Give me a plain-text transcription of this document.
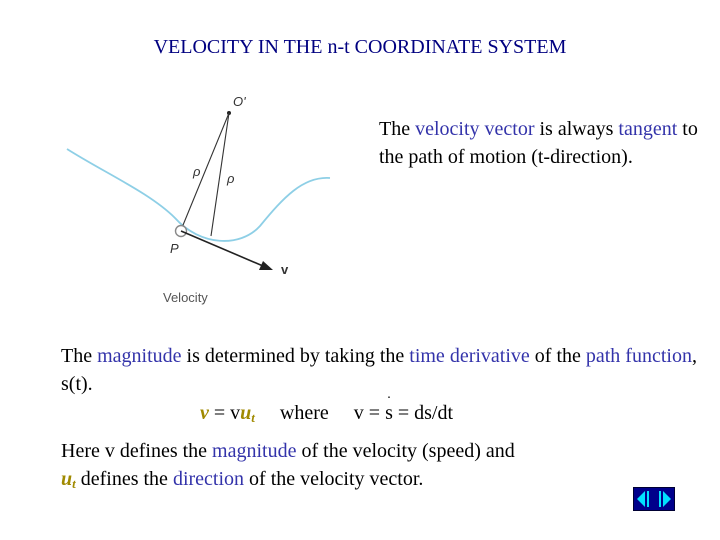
VELOCITY IN THE n-t COORDINATE SYSTEM
O'
ρ ρ
P
v
Velocity
The velocity vector is always tangent to the path of motion (t-direction).
The magnitude is determined by taking the time derivative of the path function, s(t).
$v = vu_t$     where     v =
.
s = ds/dt
Here v defines the magnitude of the velocity (speed) and
$u_t$ defines the direction of the velocity vector.
